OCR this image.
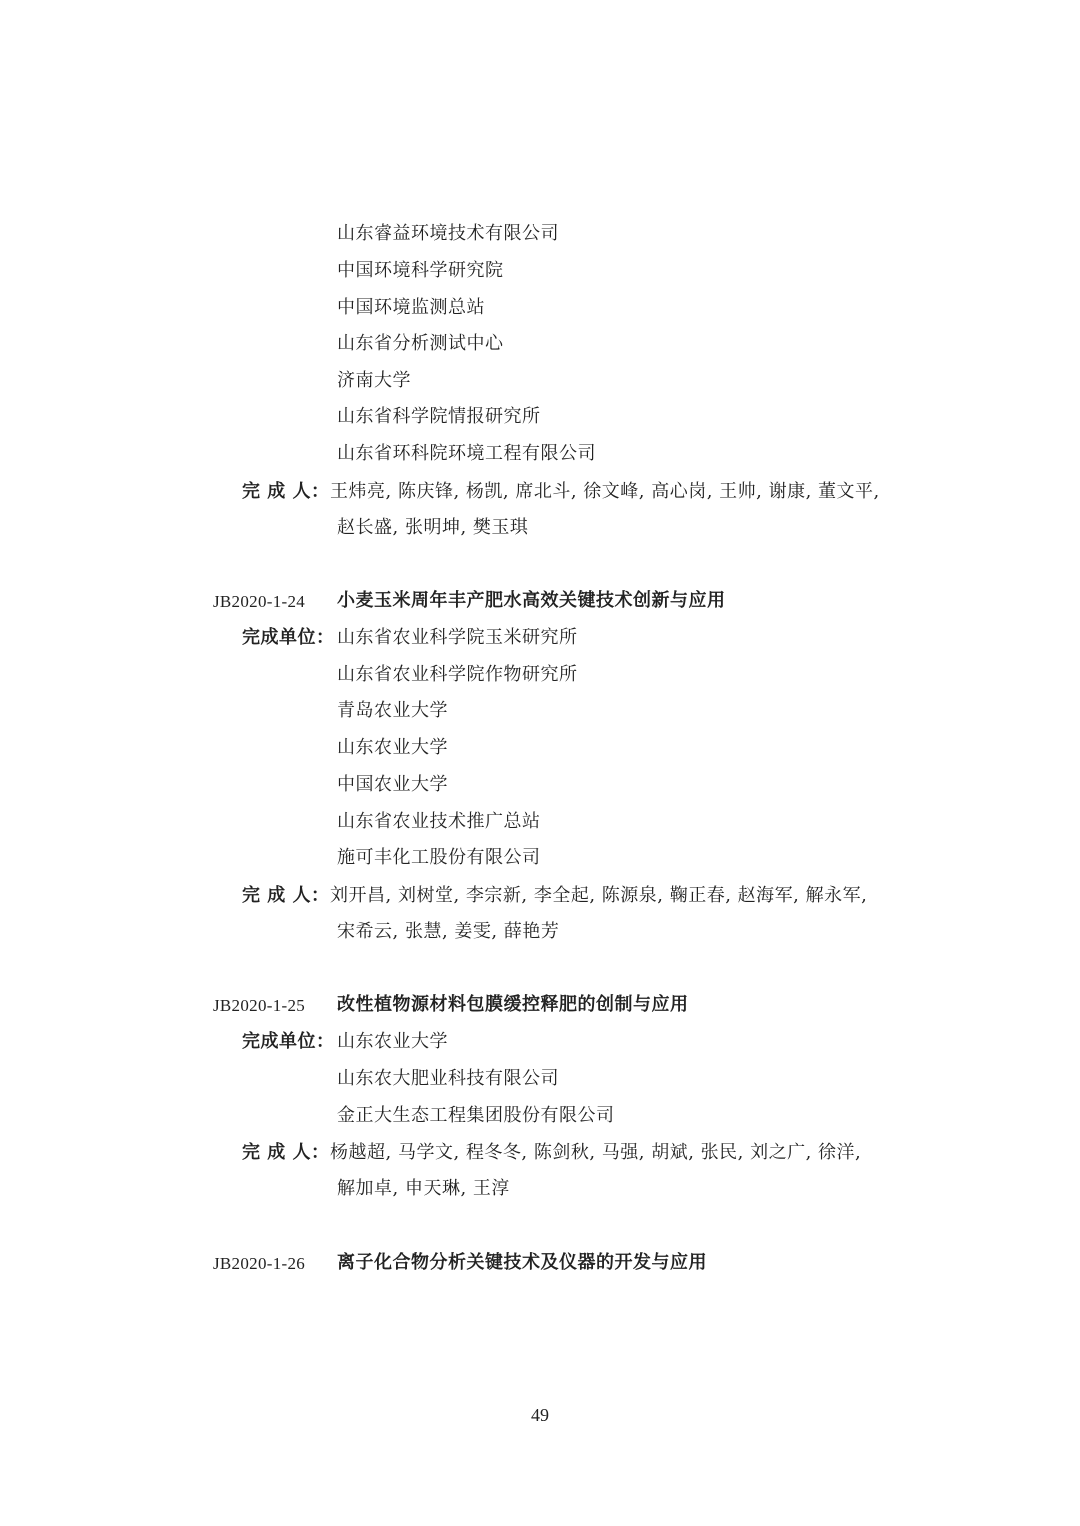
山东睿益环境技术有限公司
中国环境科学研究院
中国环境监测总站
山东省分析测试中心
济南大学
山东省科学院情报研究所
山东省环科院环境工程有限公司
完 成 人： 王炜亮, 陈庆锋, 杨凯, 席北斗, 徐文峰, 高心岗, 王帅, 谢康, 董文平,
赵长盛, 张明坤, 樊玉琪
JB2020-1-24 小麦玉米周年丰产肥水高效关键技术创新与应用
完成单位： 山东省农业科学院玉米研究所
山东省农业科学院作物研究所
青岛农业大学
山东农业大学
中国农业大学
山东省农业技术推广总站
施可丰化工股份有限公司
完 成 人： 刘开昌, 刘树堂, 李宗新, 李全起, 陈源泉, 鞠正春, 赵海军, 解永军,
宋希云, 张慧, 姜雯, 薛艳芳
JB2020-1-25 改性植物源材料包膜缓控释肥的创制与应用
完成单位： 山东农业大学
山东农大肥业科技有限公司
金正大生态工程集团股份有限公司
完 成 人： 杨越超, 马学文, 程冬冬, 陈剑秋, 马强, 胡斌, 张民, 刘之广, 徐洋,
解加卓, 申天琳, 王淳
JB2020-1-26 离子化合物分析关键技术及仪器的开发与应用
49
